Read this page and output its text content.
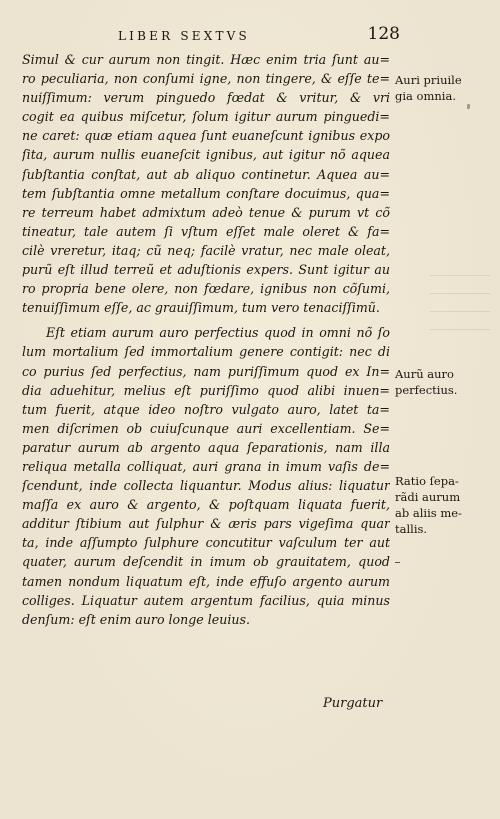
LIBER SEXTVS	128
Simul & cur aurum non tingit. Hæc enim tria ſunt au=
ro peculiaria, non conſumi igne, non tingere, & eſſe te=
nuiſſimum: verum pinguedo fœdat & vritur, & vri
cogit ea quibus miſcetur, ſolum igitur aurum pinguedi=
ne caret: quæ etiam aquea ſunt euaneſcunt ignibus expo
ſita, aurum nullis euaneſcit ignibus, aut igitur nõ aquea
ſubſtantia conſtat, aut ab aliquo continetur. Aquea au=
tem ſubſtantia omne metallum conſtare docuimus, qua=
re terreum habet admixtum adeò tenue & purum vt cõ
tineatur, tale autem ſi vſtum eſſet male oleret & fa=
cilè vreretur, itaq; cũ neq; facilè vratur, nec male oleat,
purũ eſt illud terreũ et aduſtionis expers. Sunt igitur au
ro propria bene olere, non fœdare, ignibus non cõſumi,
tenuiſſimum eſſe, ac grauiſſimum, tum vero tenaciſſimũ.
Eſt etiam aurum auro perfectius quod in omni nõ ſo
lum mortalium ſed immortalium genere contigit: nec di
co purius ſed perfectius, nam puriſſimum quod ex In=
dia aduehitur, melius eſt puriſſimo quod alibi inuen=
tum fuerit, atque ideo noſtro vulgato auro, latet ta=
men diſcrimen ob cuiuſcunque auri excellentiam. Se=
paratur aurum ab argento aqua ſeparationis, nam illa
reliqua metalla colliquat, auri grana in imum vaſis de=
ſcendunt, inde collecta liquantur. Modus alius: liquatur
maſſa ex auro & argento, & poſtquam liquata fuerit,
additur ſtibium aut ſulphur & æris pars vigeſima quar
ta, inde aſſumpto ſulphure concutitur vaſculum ter aut
quater, aurum deſcendit in imum ob grauitatem, quod
tamen nondum liquatum eſt, inde effuſo argento aurum
colliges. Liquatur autem argentum facilius, quia minus
denſum: eſt enim auro longe leuius.
Purgatur
Auri priuile
gia omnia.
Aurũ auro
perfectius.
Ratio ſepa-
rãdi aurum
ab aliis me-
tallis.
